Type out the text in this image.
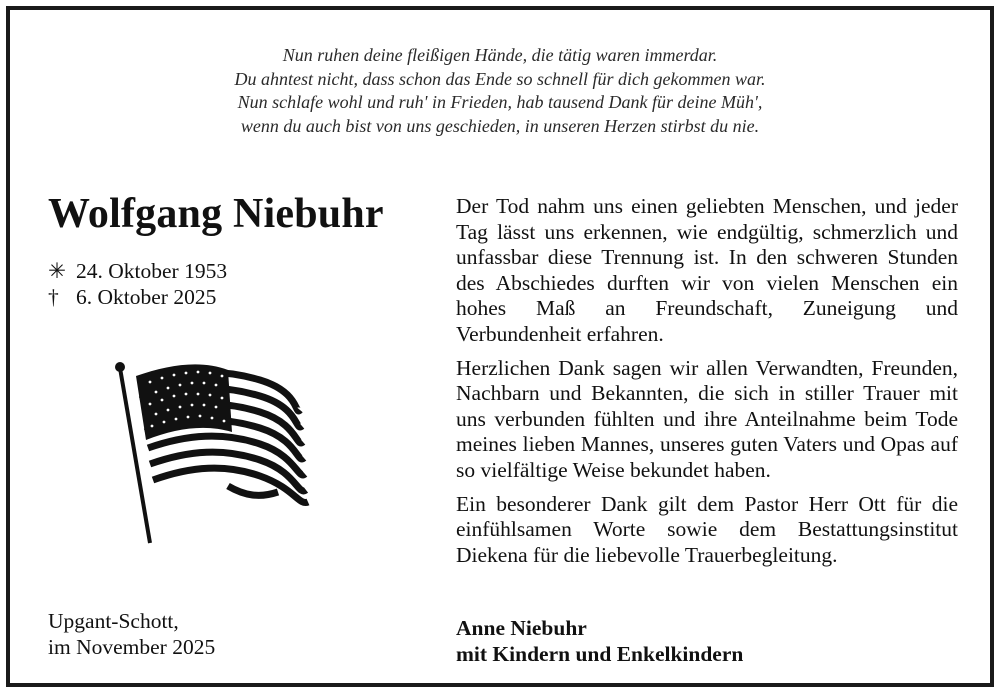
Nun ruhen deine fleißigen Hände, die tätig waren immerdar.
Du ahntest nicht, dass schon das Ende so schnell für dich gekommen war.
Nun schlafe wohl und ruh' in Frieden, hab tausend Dank für deine Müh',
wenn du auch bist von uns geschieden, in unseren Herzen stirbst du nie.
Wolfgang Niebuhr
✳ 24. Oktober 1953
† 6. Oktober 2025
Upgant-Schott,
im November 2025

Der Tod nahm uns einen geliebten Menschen, und jeder Tag lässt uns erkennen, wie endgültig, schmerzlich und unfassbar diese Trennung ist. In den schweren Stunden des Abschiedes durften wir von vielen Menschen ein hohes Maß an Freundschaft, Zuneigung und Verbundenheit erfahren.

Herzlichen Dank sagen wir allen Verwandten, Freunden, Nachbarn und Bekannten, die sich in stiller Trauer mit uns verbunden fühlten und ihre Anteilnahme beim Tode meines lieben Mannes, unseres guten Vaters und Opas auf so vielfältige Weise bekundet haben.

Ein besonderer Dank gilt dem Pastor Herr Ott für die einfühlsamen Worte sowie dem Bestattungsinstitut Diekena für die liebevolle Trauerbegleitung.

Anne Niebuhr
mit Kindern und Enkelkindern
